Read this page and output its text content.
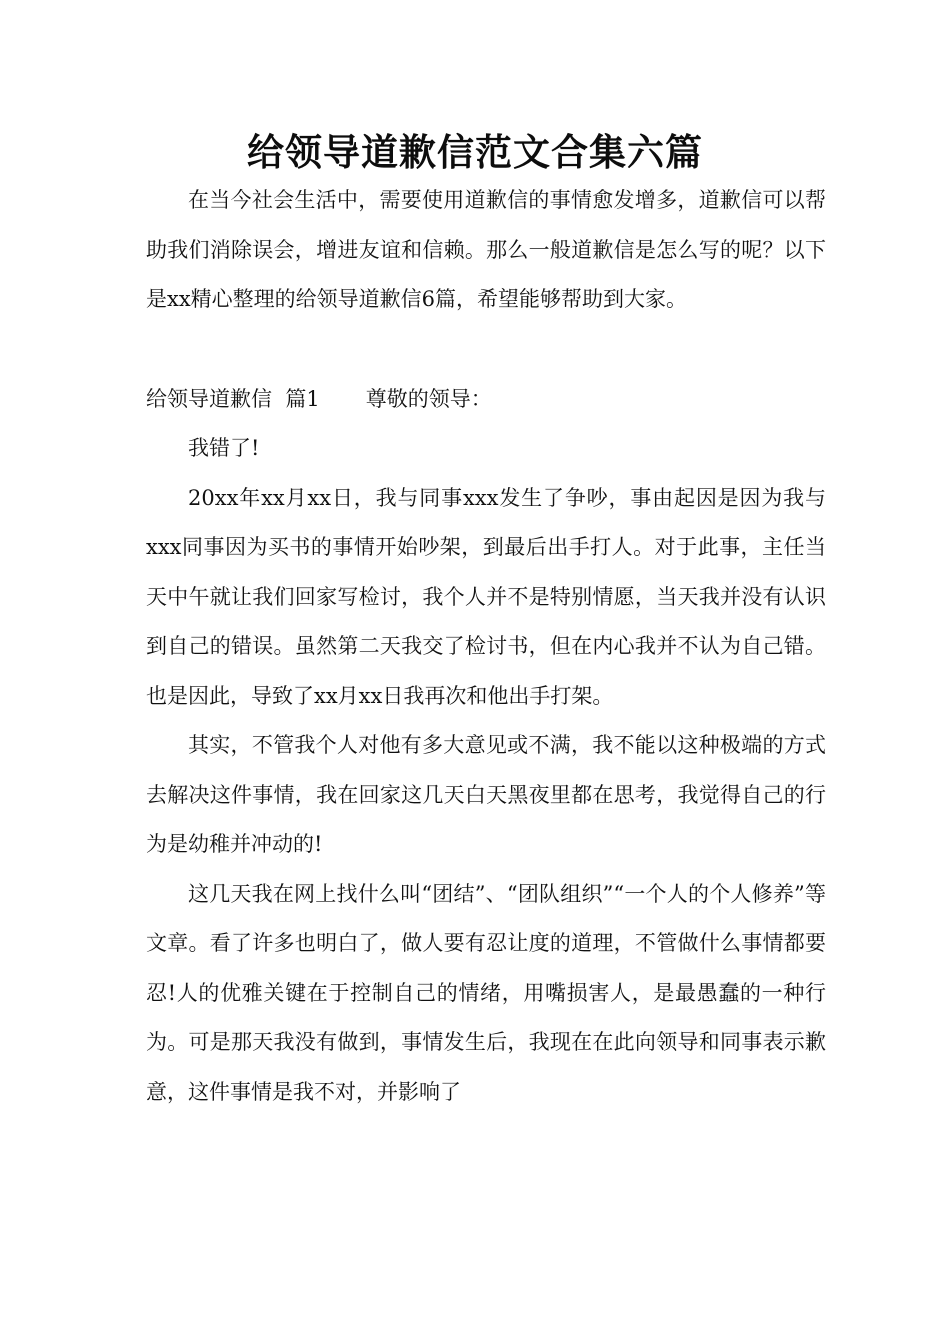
给领导道歉信范文合集六篇

在当今社会生活中，需要使用道歉信的事情愈发增多，道歉信可以帮助我们消除误会，增进友谊和信赖。那么一般道歉信是怎么写的呢？以下是xx精心整理的给领导道歉信6篇，希望能够帮助到大家。

给领导道歉信  篇1 尊敬的领导：

我错了!

20xx年xx月xx日，我与同事xxx发生了争吵，事由起因是因为我与xxx同事因为买书的事情开始吵架，到最后出手打人。对于此事，主任当天中午就让我们回家写检讨，我个人并不是特别情愿，当天我并没有认识到自己的错误。虽然第二天我交了检讨书，但在内心我并不认为自己错。也是因此，导致了xx月xx日我再次和他出手打架。

其实，不管我个人对他有多大意见或不满，我不能以这种极端的方式去解决这件事情，我在回家这几天白天黑夜里都在思考，我觉得自己的行为是幼稚并冲动的!

这几天我在网上找什么叫“团结”、“团队组织”“一个人的个人修养”等文章。看了许多也明白了，做人要有忍让度的道理，不管做什么事情都要忍!人的优雅关键在于控制自己的情绪，用嘴损害人，是最愚蠢的一种行为。可是那天我没有做到，事情发生后，我现在在此向领导和同事表示歉意，这件事情是我不对，并影响了
